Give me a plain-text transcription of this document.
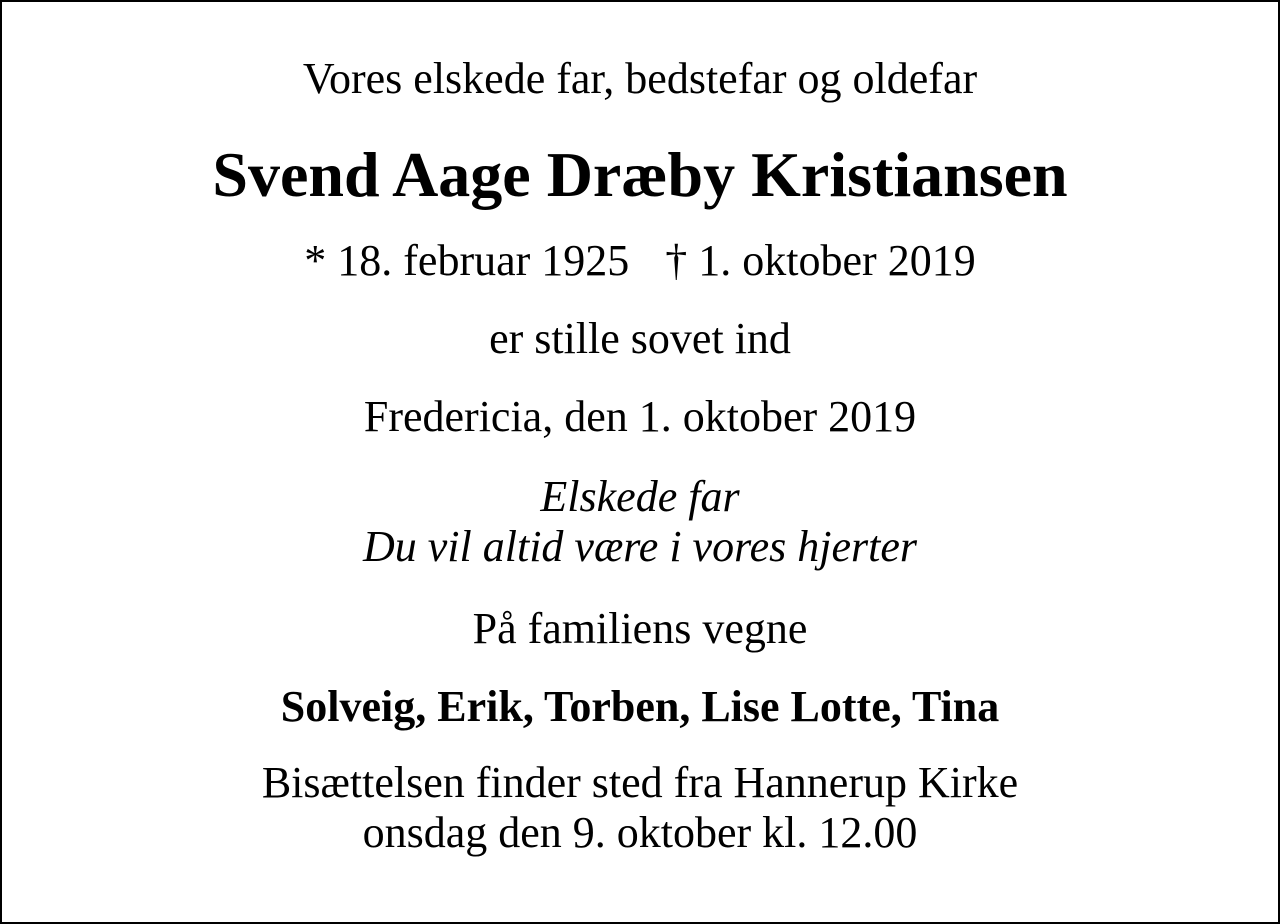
Vores elskede far, bedstefar og oldefar
Svend Aage Dræby Kristiansen
* 18. februar 1925 † 1. oktober 2019
er stille sovet ind
Fredericia, den 1. oktober 2019
Elskede far
Du vil altid være i vores hjerter
På familiens vegne
Solveig, Erik, Torben, Lise Lotte, Tina
Bisættelsen finder sted fra Hannerup Kirke
onsdag den 9. oktober kl. 12.00
